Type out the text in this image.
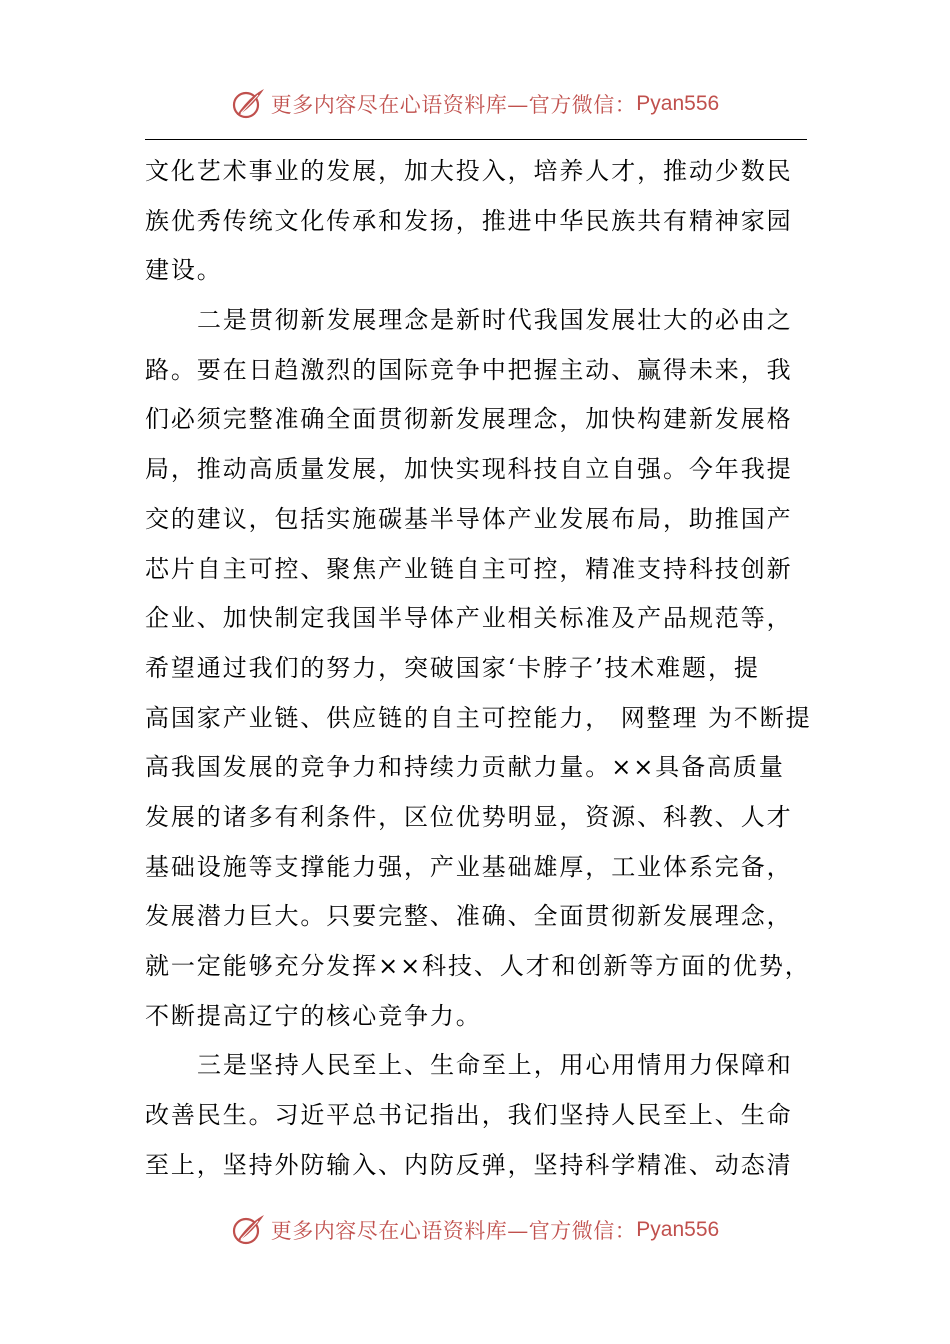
更多内容尽在心语资料库—官方微信： Pyan556
文化艺术事业的发展，加大投入，培养人才，推动少数民
族优秀传统文化传承和发扬，推进中华民族共有精神家园
建设。
二是贯彻新发展理念是新时代我国发展壮大的必由之
路。要在日趋激烈的国际竞争中把握主动、赢得未来，我
们必须完整准确全面贯彻新发展理念，加快构建新发展格
局，推动高质量发展，加快实现科技自立自强。今年我提
交的建议，包括实施碳基半导体产业发展布局，助推国产
芯片自主可控、聚焦产业链自主可控，精准支持科技创新
企业、加快制定我国半导体产业相关标准及产品规范等，
希望通过我们的努力，突破国家‘卡脖子’技术难题，提
高国家产业链、供应链的自主可控能力， 网整理 为不断提
高我国发展的竞争力和持续力贡献力量。××具备高质量
发展的诸多有利条件，区位优势明显，资源、科教、人才
基础设施等支撑能力强，产业基础雄厚，工业体系完备，
发展潜力巨大。只要完整、准确、全面贯彻新发展理念，
就一定能够充分发挥××科技、人才和创新等方面的优势，
不断提高辽宁的核心竞争力。
三是坚持人民至上、生命至上，用心用情用力保障和
改善民生。习近平总书记指出，我们坚持人民至上、生命
至上，坚持外防输入、内防反弹，坚持科学精准、动态清
更多内容尽在心语资料库—官方微信： Pyan556
